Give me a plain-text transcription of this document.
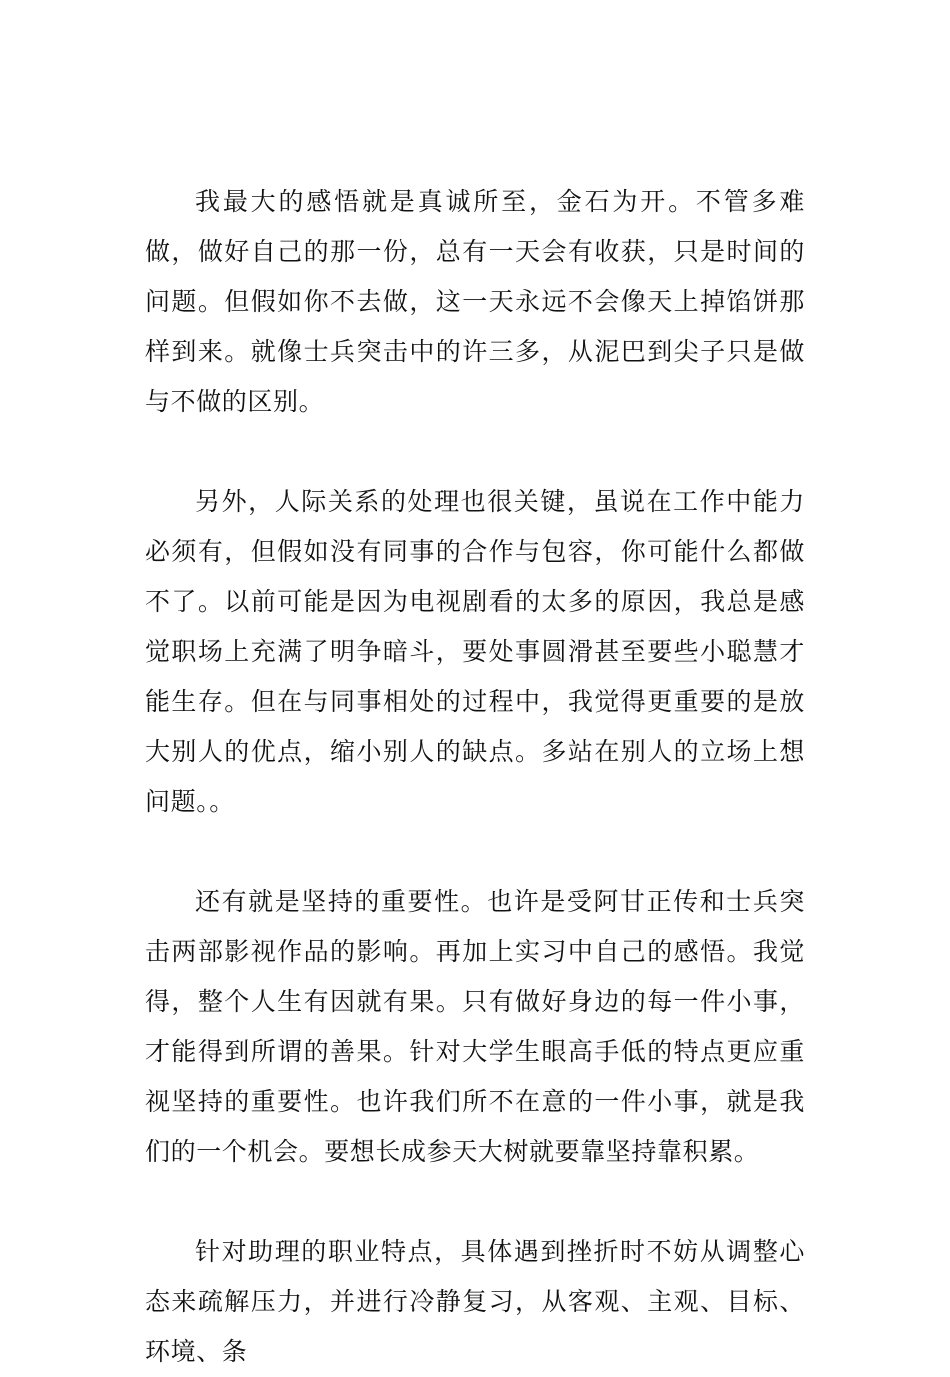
我最大的感悟就是真诚所至，金石为开。不管多难做，做好自己的那一份，总有一天会有收获，只是时间的问题。但假如你不去做，这一天永远不会像天上掉馅饼那样到来。就像士兵突击中的许三多，从泥巴到尖子只是做与不做的区别。

另外，人际关系的处理也很关键，虽说在工作中能力必须有，但假如没有同事的合作与包容，你可能什么都做不了。以前可能是因为电视剧看的太多的原因，我总是感觉职场上充满了明争暗斗，要处事圆滑甚至要些小聪慧才能生存。但在与同事相处的过程中，我觉得更重要的是放大别人的优点，缩小别人的缺点。多站在别人的立场上想问题。。

还有就是坚持的重要性。也许是受阿甘正传和士兵突击两部影视作品的影响。再加上实习中自己的感悟。我觉得，整个人生有因就有果。只有做好身边的每一件小事，才能得到所谓的善果。针对大学生眼高手低的特点更应重视坚持的重要性。也许我们所不在意的一件小事，就是我们的一个机会。要想长成参天大树就要靠坚持靠积累。

针对助理的职业特点，具体遇到挫折时不妨从调整心态来疏解压力，并进行冷静复习，从客观、主观、目标、环境、条
